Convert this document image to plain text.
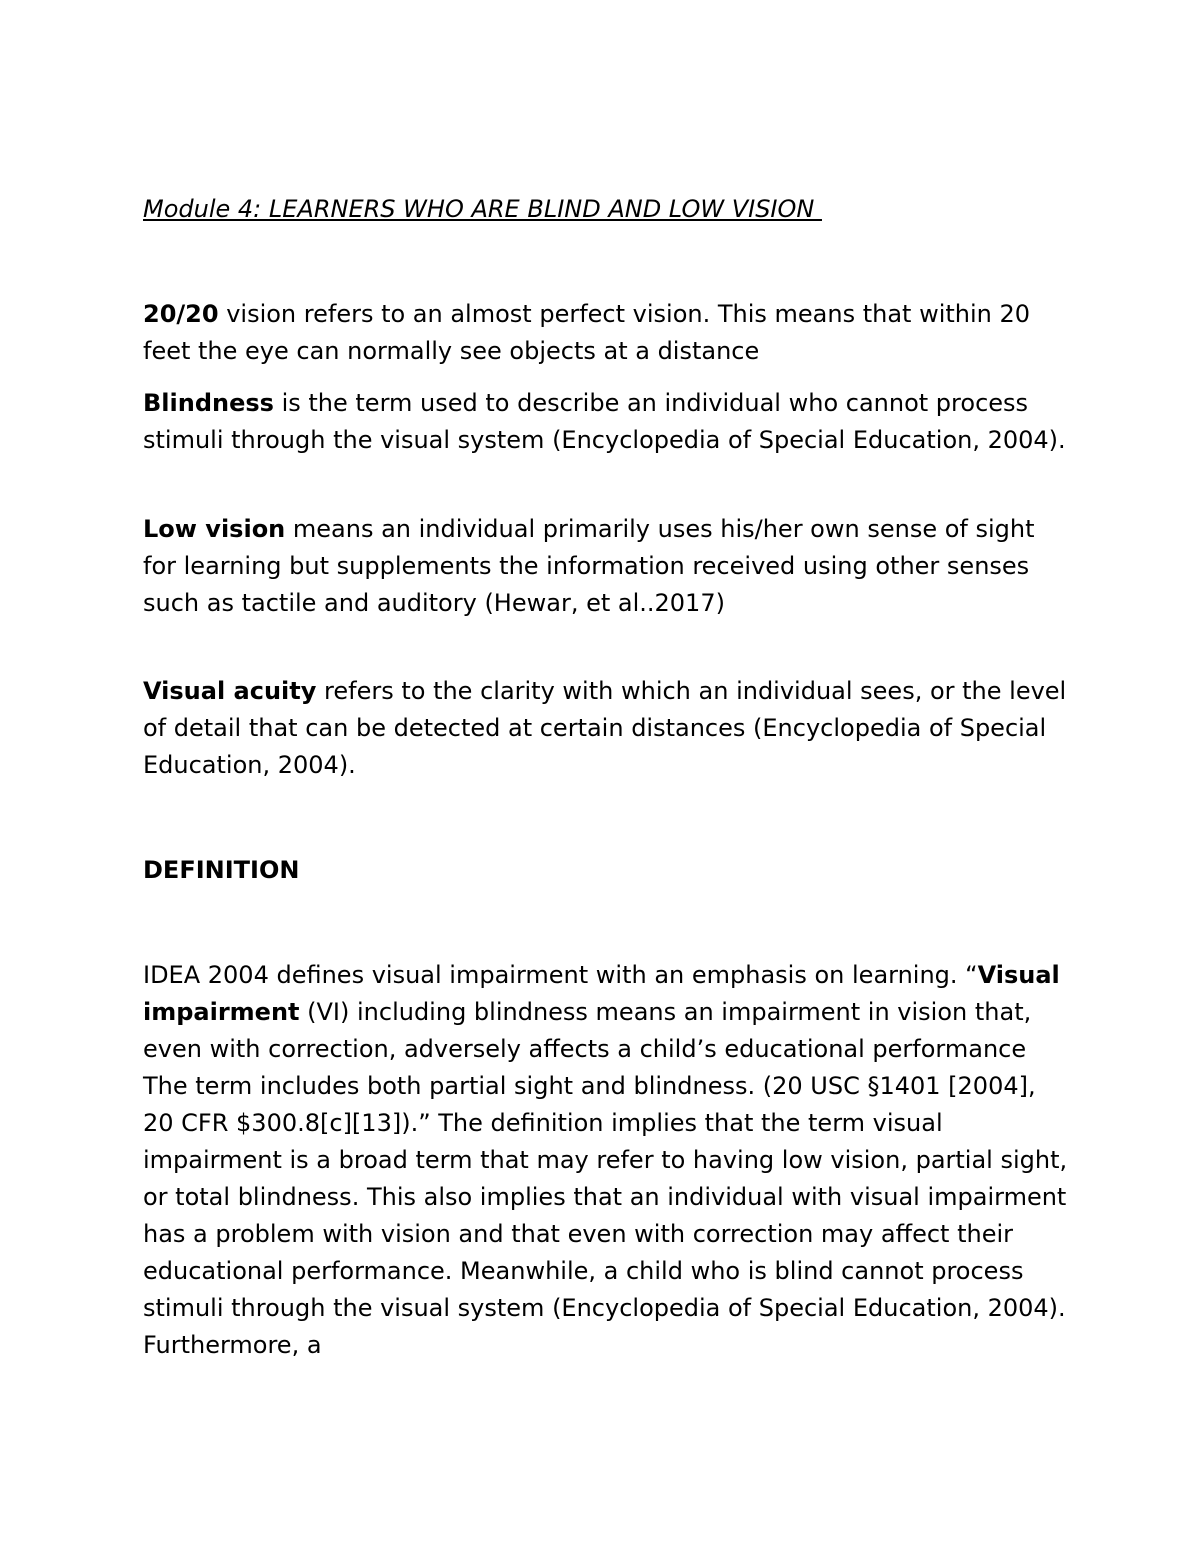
Module 4: LEARNERS WHO ARE BLIND AND LOW VISION

20/20 vision refers to an almost perfect vision. This means that within 20 feet the eye can normally see objects at a distance

Blindness is the term used to describe an individual who cannot process stimuli through the visual system (Encyclopedia of Special Education, 2004).

Low vision means an individual primarily uses his/her own sense of sight for learning but supplements the information received using other senses such as tactile and auditory (Hewar, et al..2017)

Visual acuity refers to the clarity with which an individual sees, or the level of detail that can be detected at certain distances (Encyclopedia of Special Education, 2004).

DEFINITION

IDEA 2004 defines visual impairment with an emphasis on learning. “Visual impairment (VI) including blindness means an impairment in vision that, even with correction, adversely affects a child’s educational performance The term includes both partial sight and blindness. (20 USC §1401 [2004], 20 CFR $300.8[c][13]).” The definition implies that the term visual impairment is a broad term that may refer to having low vision, partial sight, or total blindness. This also implies that an individual with visual impairment has a problem with vision and that even with correction may affect their educational performance. Meanwhile, a child who is blind cannot process stimuli through the visual system (Encyclopedia of Special Education, 2004). Furthermore, a
